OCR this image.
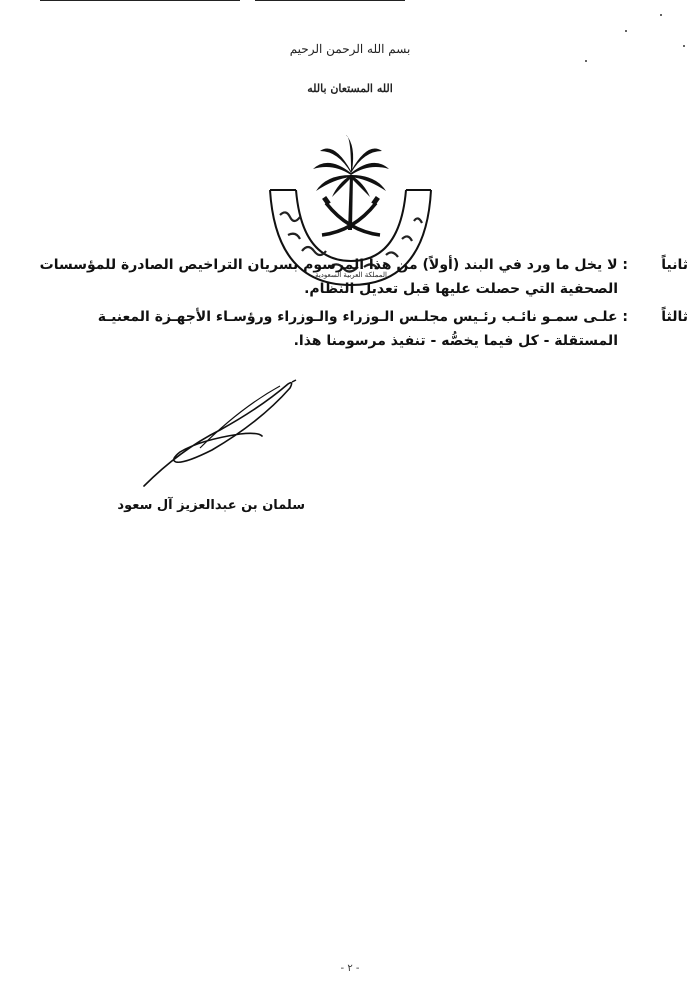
بسم الله الرحمن الرحيم
الله المستعان بالله
المملكة العربية السعودية
ثانياً
: لا يخل ما ورد في البند (أولاً) من هذا المرسوم بسريان التراخيص الصادرة للمؤسسات
الصحفية التي حصلت عليها قبل تعديل النظام.
ثالثاً
: علـى سمـو نائـب رئـيس مجلـس الـوزراء والـوزراء ورؤسـاء الأجهـزة المعنيـة
المستقلة - كل فيما يخصُّه - تنفيذ مرسومنا هذا.
سلمان بن عبدالعزيز آل سعود
- ٢ -
